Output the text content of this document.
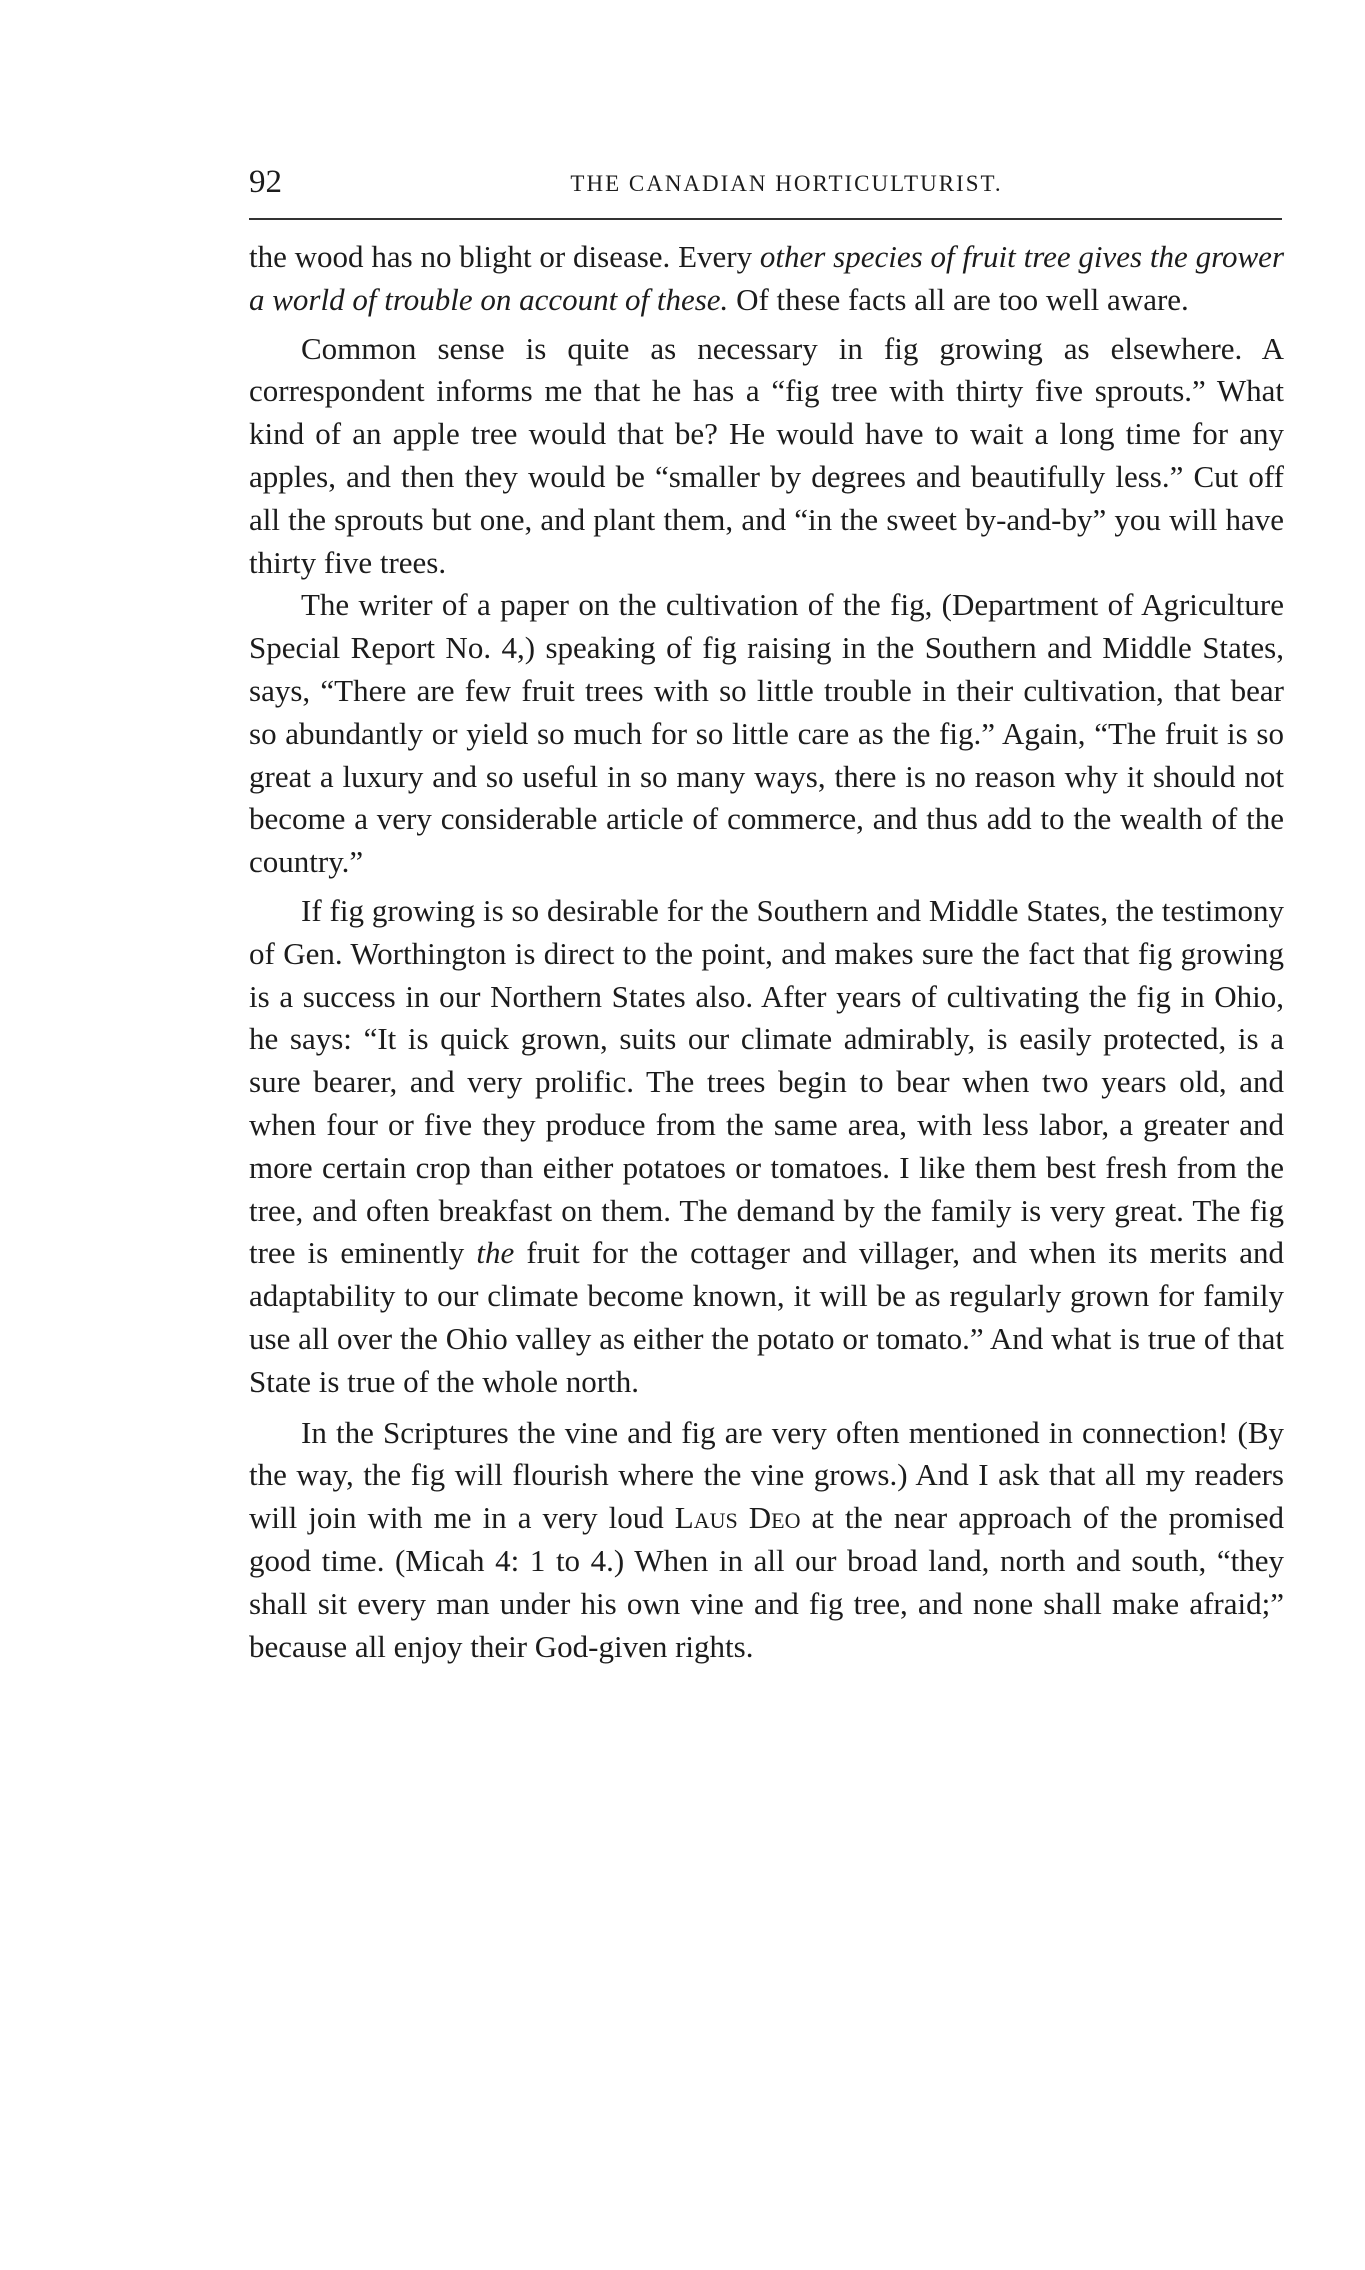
92	THE CANADIAN HORTICULTURIST.

the wood has no blight or disease. Every other species of fruit tree gives the grower a world of trouble on account of these. Of these facts all are too well aware.

Common sense is quite as necessary in fig growing as elsewhere. A correspondent informs me that he has a “fig tree with thirty five sprouts.” What kind of an apple tree would that be? He would have to wait a long time for any apples, and then they would be “smaller by degrees and beautifully less.” Cut off all the sprouts but one, and plant them, and “in the sweet by-and-by” you will have thirty five trees.

The writer of a paper on the cultivation of the fig, (Department of Agriculture Special Report No. 4,) speaking of fig raising in the Southern and Middle States, says, “There are few fruit trees with so little trouble in their cultivation, that bear so abundantly or yield so much for so little care as the fig.” Again, “The fruit is so great a luxury and so useful in so many ways, there is no reason why it should not become a very considerable article of commerce, and thus add to the wealth of the country.”

If fig growing is so desirable for the Southern and Middle States, the testimony of Gen. Worthington is direct to the point, and makes sure the fact that fig growing is a success in our Northern States also. After years of cultivating the fig in Ohio, he says: “It is quick grown, suits our climate admirably, is easily protected, is a sure bearer, and very prolific. The trees begin to bear when two years old, and when four or five they produce from the same area, with less labor, a greater and more certain crop than either potatoes or tomatoes. I like them best fresh from the tree, and often breakfast on them. The demand by the family is very great. The fig tree is eminently the fruit for the cottager and villager, and when its merits and adaptability to our climate become known, it will be as regularly grown for family use all over the Ohio valley as either the potato or tomato.” And what is true of that State is true of the whole north.

In the Scriptures the vine and fig are very often mentioned in connection! (By the way, the fig will flourish where the vine grows.) And I ask that all my readers will join with me in a very loud Laus Deo at the near approach of the promised good time. (Micah 4: 1 to 4.) When in all our broad land, north and south, “they shall sit every man under his own vine and fig tree, and none shall make afraid;” because all enjoy their God-given rights.
